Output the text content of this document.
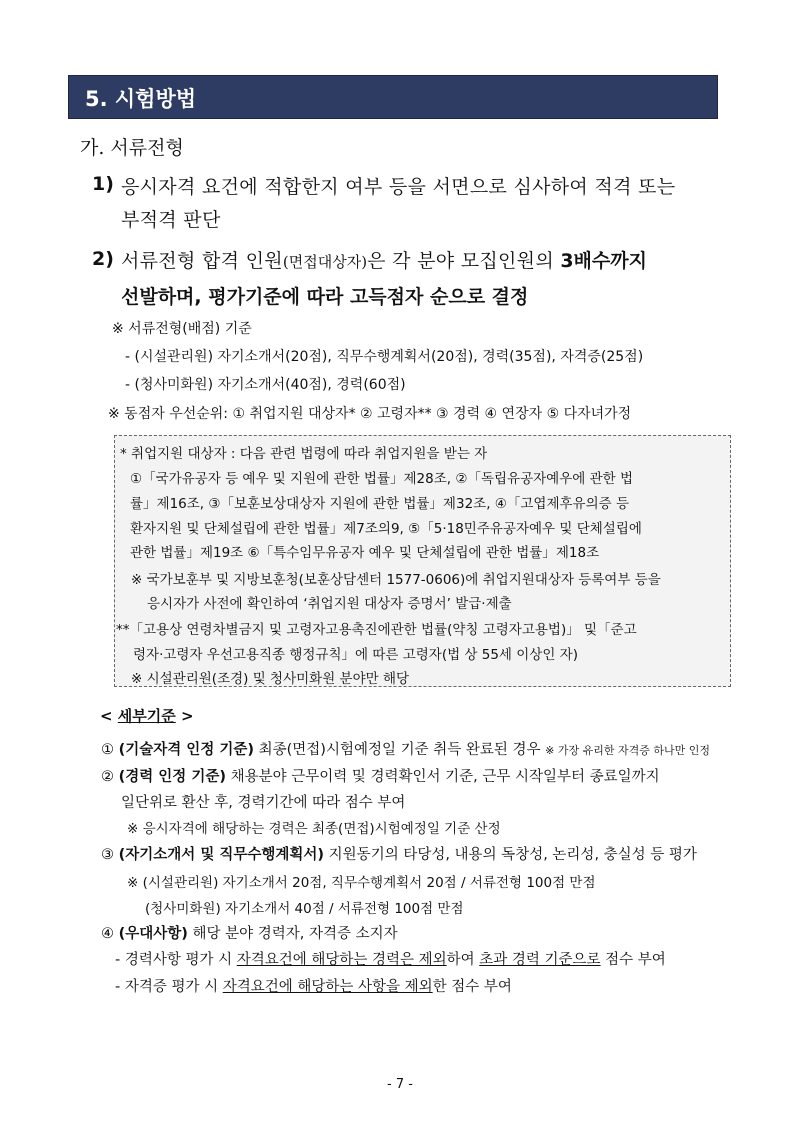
5. 시험방법
가. 서류전형
1) 응시자격 요건에 적합한지 여부 등을 서면으로 심사하여 적격 또는
부적격 판단
2) 서류전형 합격 인원(면접대상자)은 각 분야 모집인원의 3배수까지
선발하며, 평가기준에 따라 고득점자 순으로 결정
※ 서류전형(배점) 기준
- (시설관리원) 자기소개서(20점), 직무수행계획서(20점), 경력(35점), 자격증(25점)
- (청사미화원) 자기소개서(40점), 경력(60점)
※ 동점자 우선순위: ① 취업지원 대상자* ② 고령자** ③ 경력 ④ 연장자 ⑤ 다자녀가정
* 취업지원 대상자 : 다음 관련 법령에 따라 취업지원을 받는 자
①「국가유공자 등 예우 및 지원에 관한 법률」제28조, ②「독립유공자예우에 관한 법
률」제16조, ③「보훈보상대상자 지원에 관한 법률」제32조, ④「고엽제후유의증 등
환자지원 및 단체설립에 관한 법률」제7조의9, ⑤「5·18민주유공자예우 및 단체설립에
관한 법률」제19조 ⑥「특수임무유공자 예우 및 단체설립에 관한 법률」제18조
※ 국가보훈부 및 지방보훈청(보훈상담센터 1577-0606)에 취업지원대상자 등록여부 등을
응시자가 사전에 확인하여 ‘취업지원 대상자 증명서’ 발급·제출
**「고용상 연령차별금지 및 고령자고용촉진에관한 법률(약칭 고령자고용법)」 및「준고
령자·고령자 우선고용직종 행정규칙」에 따른 고령자(법 상 55세 이상인 자)
※ 시설관리원(조경) 및 청사미화원 분야만 해당
< 세부기준 >
① (기술자격 인정 기준) 최종(면접)시험예정일 기준 취득 완료된 경우 ※ 가장 유리한 자격증 하나만 인정
② (경력 인정 기준) 채용분야 근무이력 및 경력확인서 기준, 근무 시작일부터 종료일까지
일단위로 환산 후, 경력기간에 따라 점수 부여
※ 응시자격에 해당하는 경력은 최종(면접)시험예정일 기준 산정
③ (자기소개서 및 직무수행계획서) 지원동기의 타당성, 내용의 독창성, 논리성, 충실성 등 평가
※ (시설관리원) 자기소개서 20점, 직무수행계획서 20점 / 서류전형 100점 만점
(청사미화원) 자기소개서 40점 / 서류전형 100점 만점
④ (우대사항) 해당 분야 경력자, 자격증 소지자
- 경력사항 평가 시 자격요건에 해당하는 경력은 제외하여 초과 경력 기준으로 점수 부여
- 자격증 평가 시 자격요건에 해당하는 사항을 제외한 점수 부여
- 7 -
